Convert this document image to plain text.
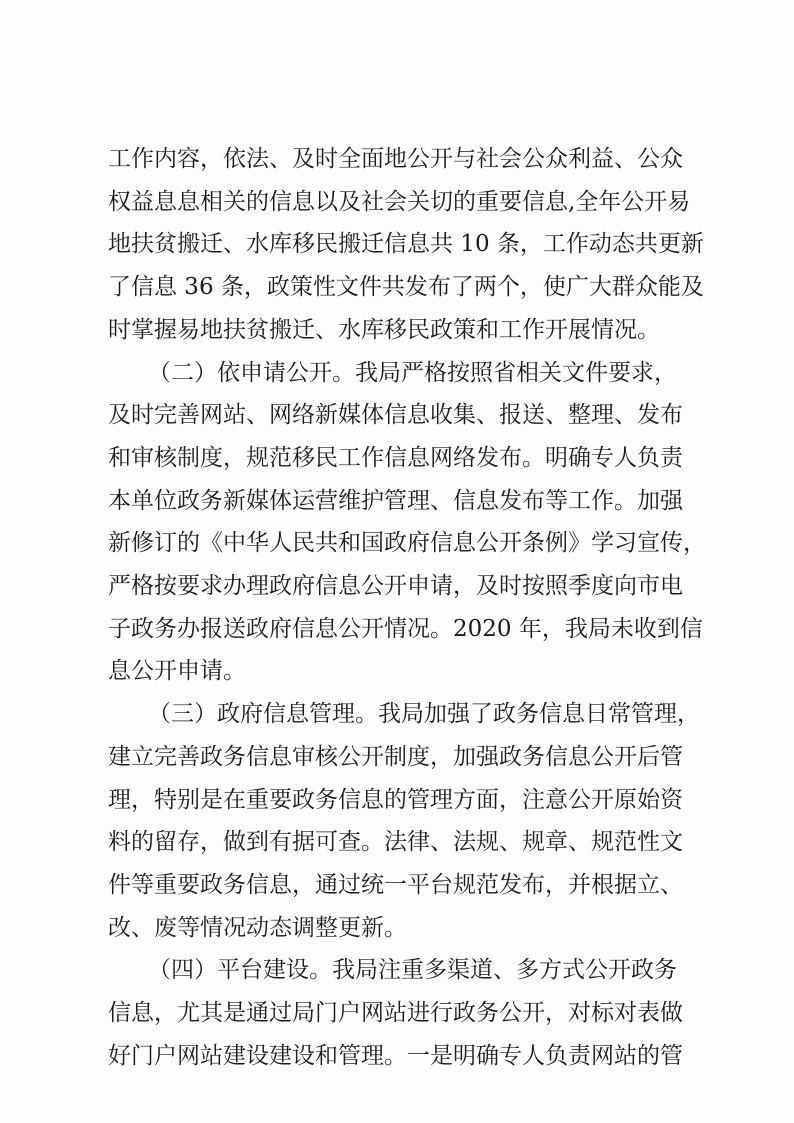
工作内容，依法、及时全面地公开与社会公众利益、公众
权益息息相关的信息以及社会关切的重要信息,全年公开易
地扶贫搬迁、水库移民搬迁信息共 10 条，工作动态共更新
了信息 36 条，政策性文件共发布了两个，使广大群众能及
时掌握易地扶贫搬迁、水库移民政策和工作开展情况。
（二）依申请公开。我局严格按照省相关文件要求，
及时完善网站、网络新媒体信息收集、报送、整理、发布
和审核制度，规范移民工作信息网络发布。明确专人负责
本单位政务新媒体运营维护管理、信息发布等工作。加强
新修订的《中华人民共和国政府信息公开条例》学习宣传，
严格按要求办理政府信息公开申请，及时按照季度向市电
子政务办报送政府信息公开情况。2020 年，我局未收到信
息公开申请。
（三）政府信息管理。我局加强了政务信息日常管理，
建立完善政务信息审核公开制度，加强政务信息公开后管
理，特别是在重要政务信息的管理方面，注意公开原始资
料的留存，做到有据可查。法律、法规、规章、规范性文
件等重要政务信息，通过统一平台规范发布，并根据立、
改、废等情况动态调整更新。
（四）平台建设。我局注重多渠道、多方式公开政务
信息，尤其是通过局门户网站进行政务公开，对标对表做
好门户网站建设建设和管理。一是明确专人负责网站的管
